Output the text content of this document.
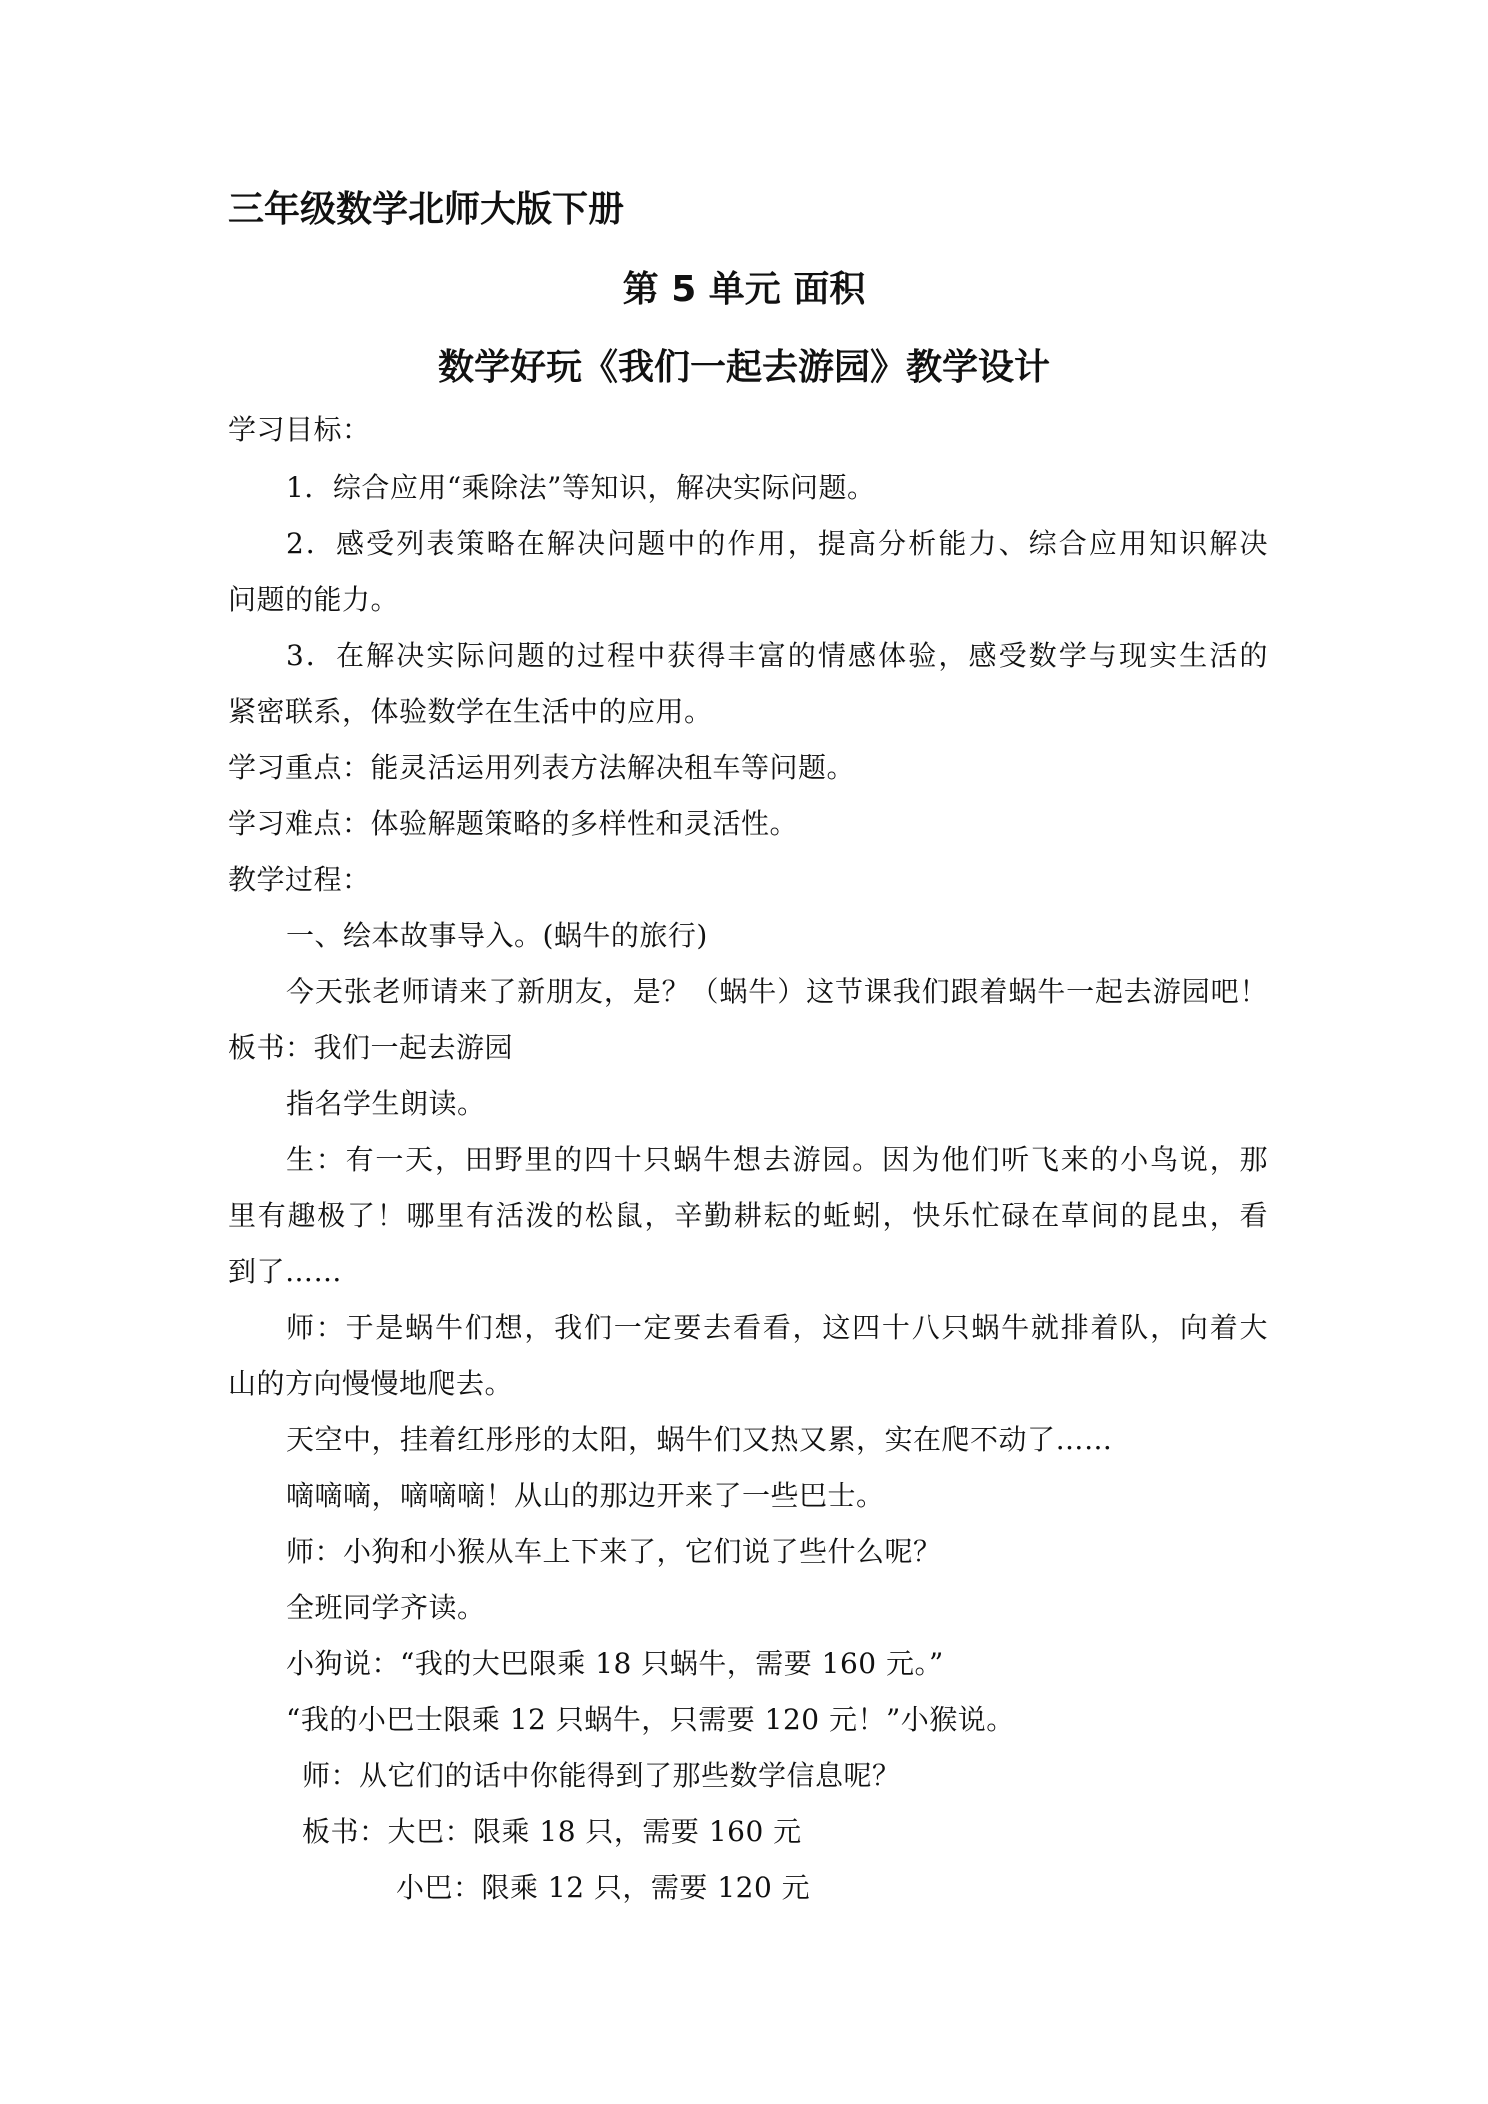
三年级数学北师大版下册
第 5 单元 面积
数学好玩《我们一起去游园》教学设计
学习目标：
1．综合应用“乘除法”等知识，解决实际问题。
2．感受列表策略在解决问题中的作用，提高分析能力、综合应用知识解决
问题的能力。
3．在解决实际问题的过程中获得丰富的情感体验，感受数学与现实生活的
紧密联系，体验数学在生活中的应用。
学习重点：能灵活运用列表方法解决租车等问题。
学习难点：体验解题策略的多样性和灵活性。
教学过程：
一、绘本故事导入。(蜗牛的旅行)
今天张老师请来了新朋友，是？（蜗牛）这节课我们跟着蜗牛一起去游园吧！
板书：我们一起去游园
指名学生朗读。
生：有一天，田野里的四十只蜗牛想去游园。因为他们听飞来的小鸟说，那
里有趣极了！哪里有活泼的松鼠，辛勤耕耘的蚯蚓，快乐忙碌在草间的昆虫，看
到了……
师：于是蜗牛们想，我们一定要去看看，这四十八只蜗牛就排着队，向着大
山的方向慢慢地爬去。
天空中，挂着红彤彤的太阳，蜗牛们又热又累，实在爬不动了……
嘀嘀嘀，嘀嘀嘀！从山的那边开来了一些巴士。
师：小狗和小猴从车上下来了，它们说了些什么呢？
全班同学齐读。
小狗说：“我的大巴限乘 18 只蜗牛，需要 160 元。”
“我的小巴士限乘 12 只蜗牛，只需要 120 元！”小猴说。
师：从它们的话中你能得到了那些数学信息呢？
板书：大巴：限乘 18 只，需要 160 元
小巴：限乘 12 只，需要 120 元
